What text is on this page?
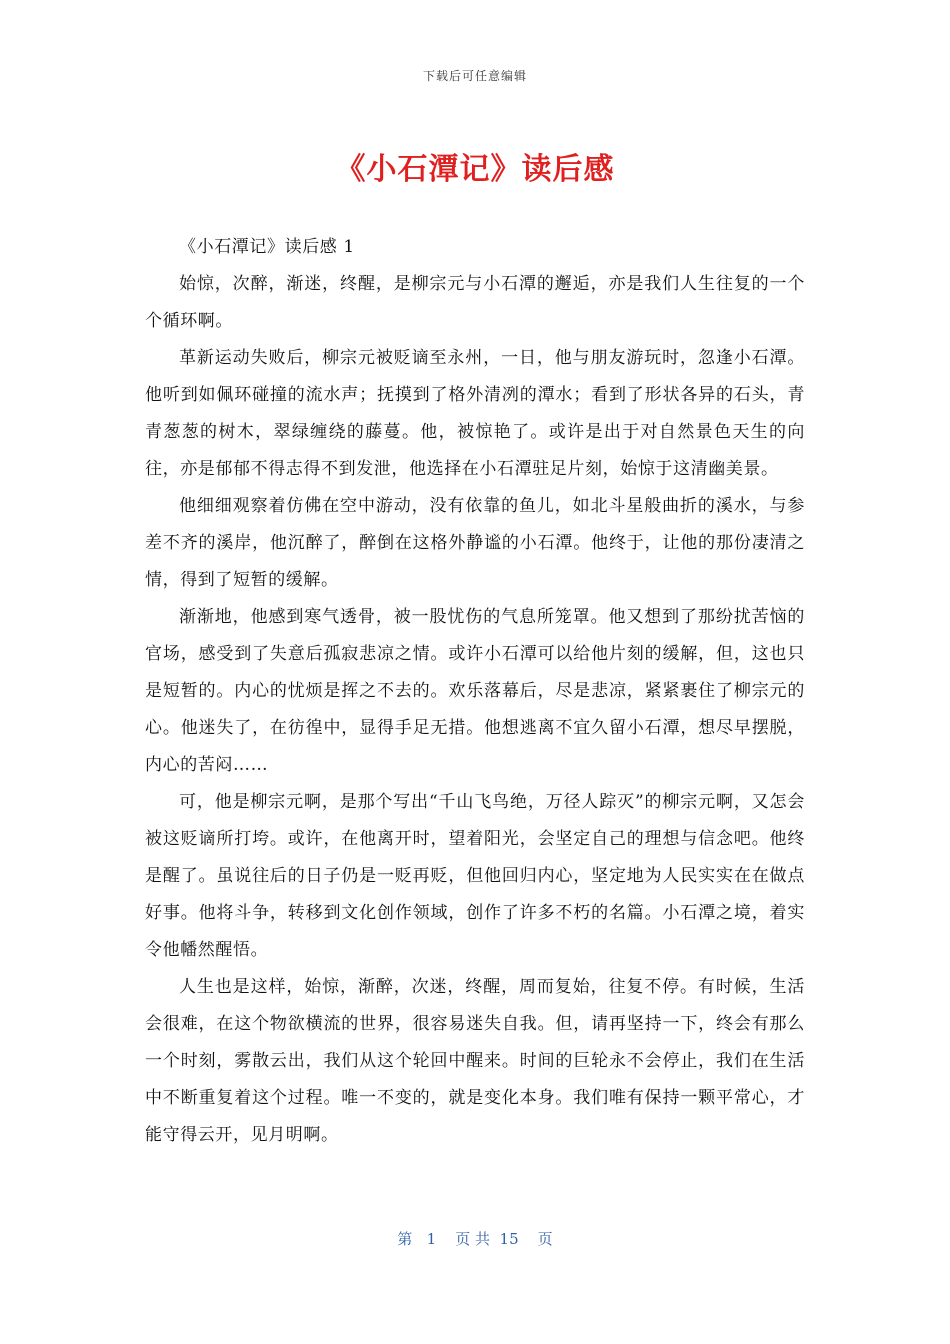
下载后可任意编辑
《小石潭记》读后感

《小石潭记》读后感 1

始惊，次醉，渐迷，终醒，是柳宗元与小石潭的邂逅，亦是我们人生往复的一个个循环啊。

革新运动失败后，柳宗元被贬谪至永州，一日，他与朋友游玩时，忽逢小石潭。他听到如佩环碰撞的流水声；抚摸到了格外清冽的潭水；看到了形状各异的石头，青青葱葱的树木，翠绿缠绕的藤蔓。他，被惊艳了。或许是出于对自然景色天生的向往，亦是郁郁不得志得不到发泄，他选择在小石潭驻足片刻，始惊于这清幽美景。

他细细观察着仿佛在空中游动，没有依靠的鱼儿，如北斗星般曲折的溪水，与参差不齐的溪岸，他沉醉了，醉倒在这格外静谧的小石潭。他终于，让他的那份凄清之情，得到了短暂的缓解。

渐渐地，他感到寒气透骨，被一股忧伤的气息所笼罩。他又想到了那纷扰苦恼的官场，感受到了失意后孤寂悲凉之情。或许小石潭可以给他片刻的缓解，但，这也只是短暂的。内心的忧烦是挥之不去的。欢乐落幕后，尽是悲凉，紧紧裹住了柳宗元的心。他迷失了，在彷徨中，显得手足无措。他想逃离不宜久留小石潭，想尽早摆脱，内心的苦闷……

可，他是柳宗元啊，是那个写出“千山飞鸟绝，万径人踪灭”的柳宗元啊，又怎会被这贬谪所打垮。或许，在他离开时，望着阳光，会坚定自己的理想与信念吧。他终是醒了。虽说往后的日子仍是一贬再贬，但他回归内心，坚定地为人民实实在在做点好事。他将斗争，转移到文化创作领域，创作了许多不朽的名篇。小石潭之境，着实令他幡然醒悟。

人生也是这样，始惊，渐醉，次迷，终醒，周而复始，往复不停。有时候，生活会很难，在这个物欲横流的世界，很容易迷失自我。但，请再坚持一下，终会有那么一个时刻，雾散云出，我们从这个轮回中醒来。时间的巨轮永不会停止，我们在生活中不断重复着这个过程。唯一不变的，就是变化本身。我们唯有保持一颗平常心，才能守得云开，见月明啊。

第   1    页 共  15    页
